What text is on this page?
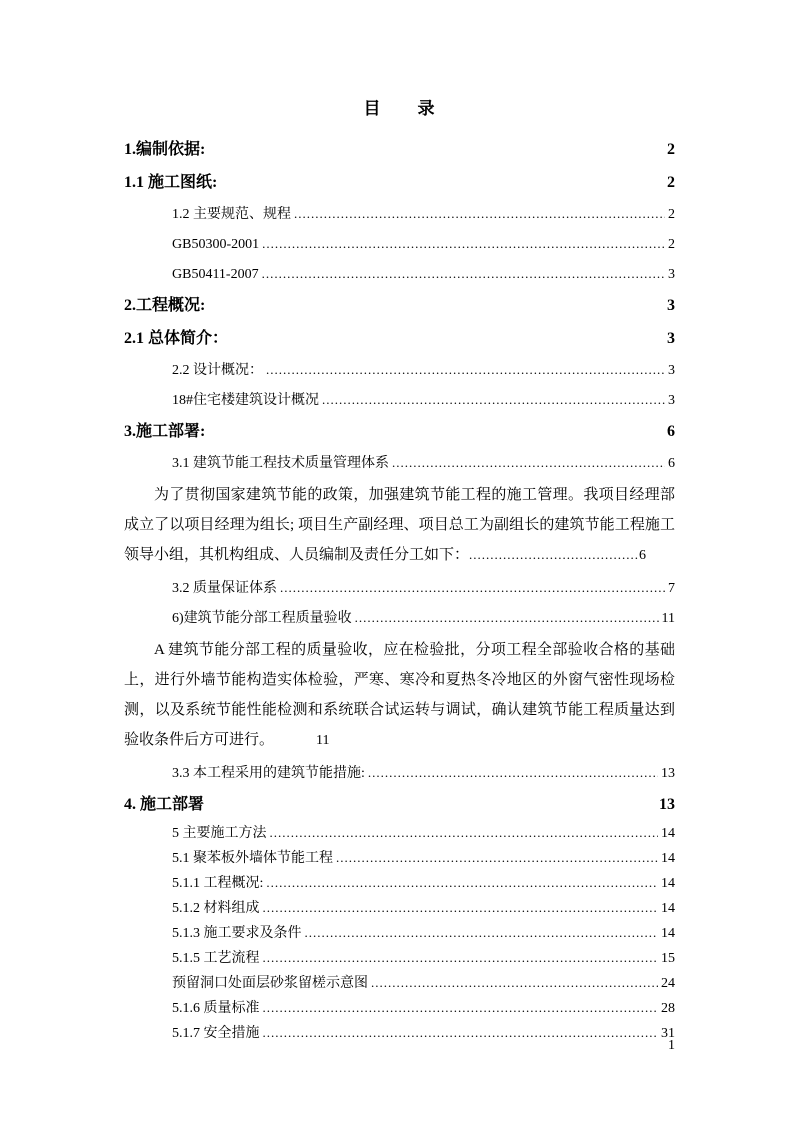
目　　录
1.编制依据:	2
1.1 施工图纸:	2
1.2 主要规范、规程 .....	2
GB50300-2001 .....	2
GB50411-2007 .....	3
2.工程概况:	3
2.1 总体简介：	3
2.2 设计概况： .....	3
18#住宅楼建筑设计概况 .....	3
3.施工部署:	6
3.1 建筑节能工程技术质量管理体系 .....	6
为了贯彻国家建筑节能的政策，加强建筑节能工程的施工管理。我项目经理部成立了以项目经理为组长; 项目生产副经理、项目总工为副组长的建筑节能工程施工领导小组，其机构组成、人员编制及责任分工如下： .....	6
3.2 质量保证体系 .....	7
6)建筑节能分部工程质量验收 .....	11
A 建筑节能分部工程的质量验收，应在检验批，分项工程全部验收合格的基础上，进行外墙节能构造实体检验，严寒、寒冷和夏热冬冷地区的外窗气密性现场检测，以及系统节能性能检测和系统联合试运转与调试，确认建筑节能工程质量达到验收条件后方可进行。	11
3.3 本工程采用的建筑节能措施: .....	13
4. 施工部署	13
5 主要施工方法 .....	14
5.1 聚苯板外墙体节能工程 .....	14
5.1.1 工程概况: .....	14
5.1.2 材料组成 .....	14
5.1.3 施工要求及条件 .....	14
5.1.5 工艺流程 .....	15
预留洞口处面层砂浆留槎示意图 .....	24
5.1.6 质量标准 .....	28
5.1.7 安全措施 .....	31
1
